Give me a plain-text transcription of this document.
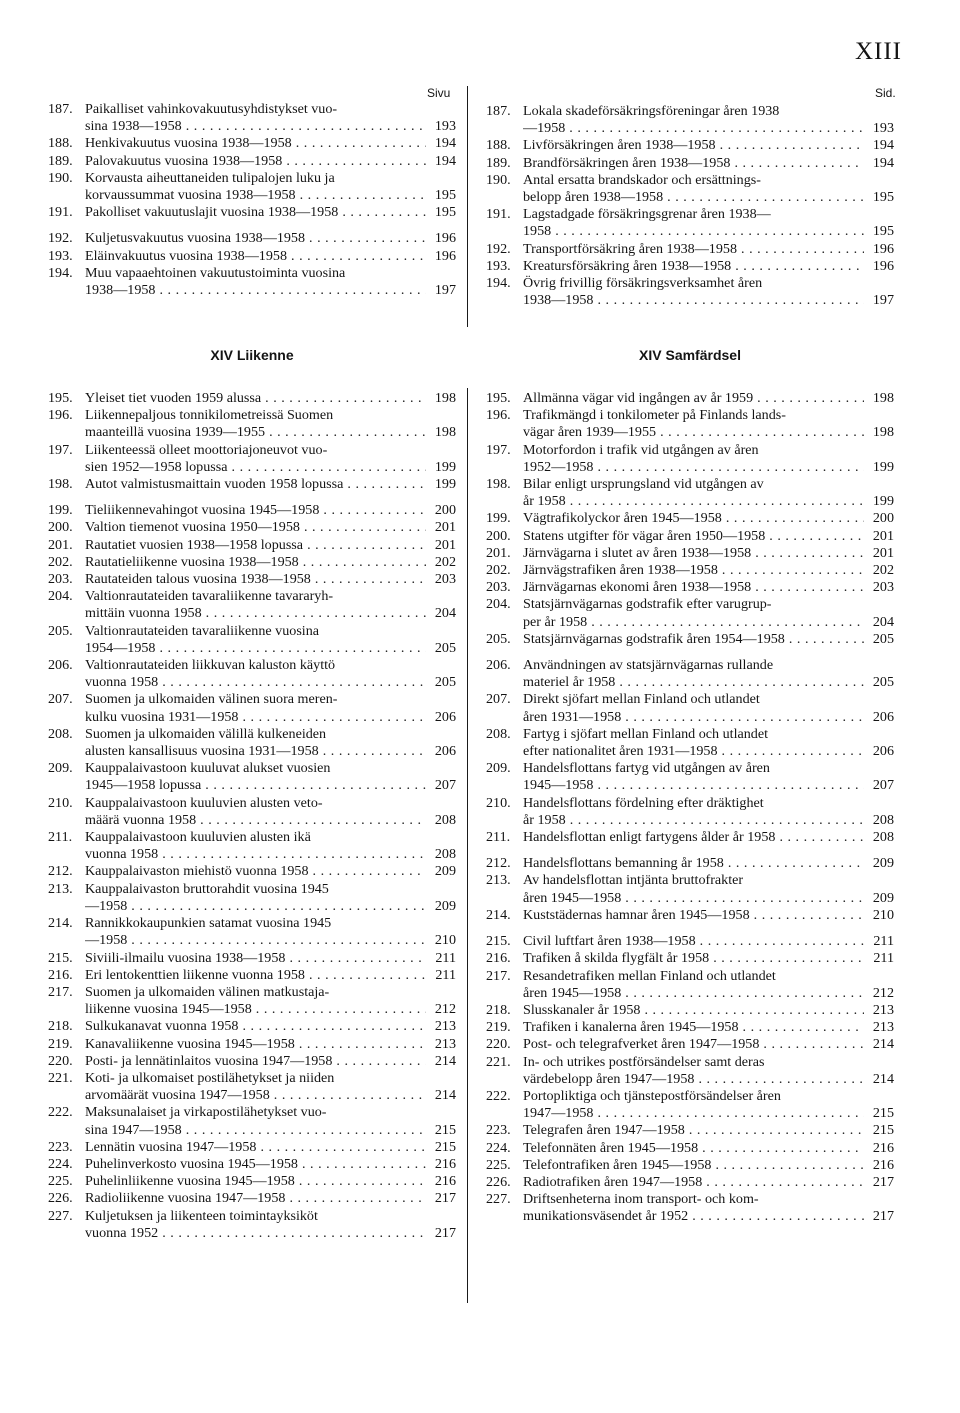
XIII
Sivu	Sid.
187. Paikalliset vahinkovakuutusyhdistykset vuo-
sina 1938—1958 . . .	193
188. Henkivakuutus vuosina 1938—1958 . . .	194
189. Palovakuutus vuosina 1938—1958 . . .	194
190. Korvausta aiheuttaneiden tulipalojen luku ja
korvaussummat vuosina 1938—1958 . . .	195
191. Pakolliset vakuutuslajit vuosina 1938—1958 . . .	195
192. Kuljetusvakuutus vuosina 1938—1958 . . .	196
193. Eläinvakuutus vuosina 1938—1958 . . .	196
194. Muu vapaaehtoinen vakuutustoiminta vuosina
1938—1958 . . .	197
187. Lokala skadeförsäkringsföreningar åren 1938
—1958 . . .	193
188. Livförsäkringen åren 1938—1958 . . .	194
189. Brandförsäkringen åren 1938—1958 . . .	194
190. Antal ersatta brandskador och ersättnings-
belopp åren 1938—1958 . . .	195
191. Lagstadgade försäkringsgrenar åren 1938—
1958 . . .	195
192. Transportförsäkring åren 1938—1958 . . .	196
193. Kreatursförsäkring åren 1938—1958 . . .	196
194. Övrig frivillig försäkringsverksamhet åren
1938—1958 . . .	197
XIV Liikenne	XIV Samfärdsel
195. Yleiset tiet vuoden 1959 alussa . . .	198
196. Liikennepaljous tonnikilometreissä Suomen
maanteillä vuosina 1939—1955 . . .	198
197. Liikenteessä olleet moottoriajoneuvot vuo-
sien 1952—1958 lopussa . . .	199
198. Autot valmistusmaittain vuoden 1958 lopussa . . .	199
199. Tieliikennevahingot vuosina 1945—1958 . . .	200
200. Valtion tiemenot vuosina 1950—1958 . . .	201
201. Rautatiet vuosien 1938—1958 lopussa . . .	201
202. Rautatieliikenne vuosina 1938—1958 . . .	202
203. Rautateiden talous vuosina 1938—1958 . . .	203
204. Valtionrautateiden tavaraliikenne tavararyh-
mittäin vuonna 1958 . . .	204
205. Valtionrautateiden tavaraliikenne vuosina
1954—1958 . . .	205
206. Valtionrautateiden liikkuvan kaluston käyttö
vuonna 1958 . . .	205
207. Suomen ja ulkomaiden välinen suora meren-
kulku vuosina 1931—1958 . . .	206
208. Suomen ja ulkomaiden välillä kulkeneiden
alusten kansallisuus vuosina 1931—1958 . . .	206
209. Kauppalaivastoon kuuluvat alukset vuosien
1945—1958 lopussa . . .	207
210. Kauppalaivastoon kuuluvien alusten veto-
määrä vuonna 1958 . . .	208
211. Kauppalaivastoon kuuluvien alusten ikä
vuonna 1958 . . .	208
212. Kauppalaivaston miehistö vuonna 1958 . . .	209
213. Kauppalaivaston bruttorahdit vuosina 1945
—1958 . . .	209
214. Rannikkokaupunkien satamat vuosina 1945
—1958 . . .	210
215. Siviili-ilmailu vuosina 1938—1958 . . .	211
216. Eri lentokenttien liikenne vuonna 1958 . . .	211
217. Suomen ja ulkomaiden välinen matkustaja-
liikenne vuosina 1945—1958 . . .	212
218. Sulkukanavat vuonna 1958 . . .	213
219. Kanavaliikenne vuosina 1945—1958 . . .	213
220. Posti- ja lennätinlaitos vuosina 1947—1958 . . .	214
221. Koti- ja ulkomaiset postilähetykset ja niiden
arvomäärät vuosina 1947—1958 . . .	214
222. Maksunalaiset ja virkapostilähetykset vuo-
sina 1947—1958 . . .	215
223. Lennätin vuosina 1947—1958 . . .	215
224. Puhelinverkosto vuosina 1945—1958 . . .	216
225. Puhelinliikenne vuosina 1945—1958 . . .	216
226. Radioliikenne vuosina 1947—1958 . . .	217
227. Kuljetuksen ja liikenteen toimintayksiköt
vuonna 1952 . . .	217
195. Allmänna vägar vid ingången av år 1959 . . .	198
196. Trafikmängd i tonkilometer på Finlands lands-
vägar åren 1939—1955 . . .	198
197. Motorfordon i trafik vid utgången av åren
1952—1958 . . .	199
198. Bilar enligt ursprungsland vid utgången av
år 1958 . . .	199
199. Vägtrafikolyckor åren 1945—1958 . . .	200
200. Statens utgifter för vägar åren 1950—1958 . . .	201
201. Järnvägarna i slutet av åren 1938—1958 . . .	201
202. Järnvägstrafiken åren 1938—1958 . . .	202
203. Järnvägarnas ekonomi åren 1938—1958 . . .	203
204. Statsjärnvägarnas godstrafik efter varugrup-
per år 1958 . . .	204
205. Statsjärnvägarnas godstrafik åren 1954—1958 . . .	205
206. Användningen av statsjärnvägarnas rullande
materiel år 1958 . . .	205
207. Direkt sjöfart mellan Finland och utlandet
åren 1931—1958 . . .	206
208. Fartyg i sjöfart mellan Finland och utlandet
efter nationalitet åren 1931—1958 . . .	206
209. Handelsflottans fartyg vid utgången av åren
1945—1958 . . .	207
210. Handelsflottans fördelning efter dräktighet
år 1958 . . .	208
211. Handelsflottan enligt fartygens ålder år 1958 . . .	208
212. Handelsflottans bemanning år 1958 . . .	209
213. Av handelsflottan intjänta bruttofrakter
åren 1945—1958 . . .	209
214. Kuststädernas hamnar åren 1945—1958 . . .	210
215. Civil luftfart åren 1938—1958 . . .	211
216. Trafiken å skilda flygfält år 1958 . . .	211
217. Resandetrafiken mellan Finland och utlandet
åren 1945—1958 . . .	212
218. Slusskanaler år 1958 . . .	213
219. Trafiken i kanalerna åren 1945—1958 . . .	213
220. Post- och telegrafverket åren 1947—1958 . . .	214
221. In- och utrikes postförsändelser samt deras
värdebelopp åren 1947—1958 . . .	214
222. Portopliktiga och tjänstepostförsändelser åren
1947—1958 . . .	215
223. Telegrafen åren 1947—1958 . . .	215
224. Telefonnäten åren 1945—1958 . . .	216
225. Telefontrafiken åren 1945—1958 . . .	216
226. Radiotrafiken åren 1947—1958 . . .	217
227. Driftsenheterna inom transport- och kom-
munikationsväsendet år 1952 . . .	217
